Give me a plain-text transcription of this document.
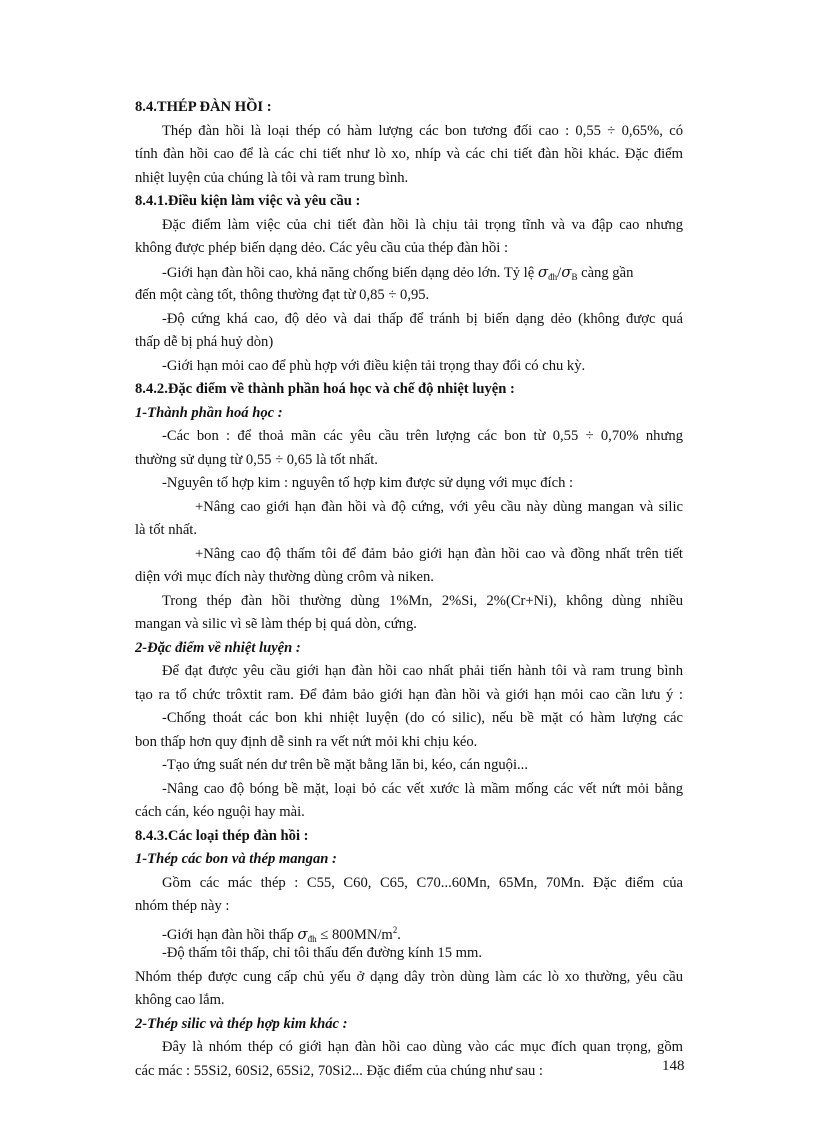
8.4.THÉP ĐÀN HỒI :
Thép đàn hồi là loại thép có hàm lượng các bon tương đối cao : 0,55 ÷ 0,65%, có
tính đàn hồi cao để là các chi tiết như lò xo, nhíp và các chi tiết đàn hồi khác. Đặc điểm
nhiệt luyện của chúng là tôi và ram trung bình.
8.4.1.Điều kiện làm việc và yêu cầu :
Đặc điểm làm việc của chi tiết đàn hồi là chịu tải trọng tĩnh và va đập cao nhưng
không được phép biến dạng dẻo. Các yêu cầu của thép đàn hồi :
-Giới hạn đàn hồi cao, khả năng chống biến dạng dẻo lớn. Tỷ lệ $\sigma_{đh}/\sigma_B$ càng gần
đến một càng tốt, thông thường đạt từ 0,85 ÷ 0,95.
-Độ cứng khá cao, độ dẻo và dai thấp để tránh bị biến dạng dẻo (không được quá
thấp dễ bị phá huỷ dòn)
-Giới hạn mỏi cao để phù hợp với điều kiện tải trọng thay đổi có chu kỳ.
8.4.2.Đặc điểm về thành phần hoá học và chế độ nhiệt luyện :
1-Thành phần hoá học :
-Các bon : để thoả mãn các yêu cầu trên lượng các bon từ 0,55 ÷ 0,70% nhưng
thường sử dụng từ 0,55 ÷ 0,65 là tốt nhất.
-Nguyên tố hợp kim : nguyên tố hợp kim được sử dụng với mục đích :
+Nâng cao giới hạn đàn hồi và độ cứng, với yêu cầu này dùng mangan và silic
là tốt nhất.
+Nâng cao độ thấm tôi để đảm bảo giới hạn đàn hồi cao và đồng nhất trên tiết
diện với mục đích này thường dùng crôm và niken.
Trong thép đàn hồi thường dùng 1%Mn, 2%Si, 2%(Cr+Ni), không dùng nhiều
mangan và silic vì sẽ làm thép bị quá dòn, cứng.
2-Đặc điểm về nhiệt luyện :
Để đạt được yêu cầu giới hạn đàn hồi cao nhất phải tiến hành tôi và ram trung bình
tạo ra tổ chức trôxtit ram. Để đảm bảo giới hạn đàn hồi và giới hạn mỏi cao cần lưu ý :
-Chống thoát các bon khi nhiệt luyện (do có silic), nếu bề mặt có hàm lượng các
bon thấp hơn quy định dễ sinh ra vết nứt mỏi khi chịu kéo.
-Tạo ứng suất nén dư trên bề mặt bằng lăn bi, kéo, cán nguội...
-Nâng cao độ bóng bề mặt, loại bỏ các vết xước là mầm mống các vết nứt mỏi bằng
cách cán, kéo nguội hay mài.
8.4.3.Các loại thép đàn hồi :
1-Thép các bon và thép mangan :
Gồm các mác thép : C55, C60, C65, C70...60Mn, 65Mn, 70Mn. Đặc điểm của
nhóm thép này :
-Giới hạn đàn hồi thấp $\sigma_{đh} \le 800MN/m^2$.
-Độ thấm tôi thấp, chỉ tôi thấu đến đường kính 15 mm.
Nhóm thép được cung cấp chủ yếu ở dạng dây tròn dùng làm các lò xo thường, yêu cầu
không cao lắm.
2-Thép silic và thép hợp kim khác :
Đây là nhóm thép có giới hạn đàn hồi cao dùng vào các mục đích quan trọng, gồm
các mác : 55Si2, 60Si2, 65Si2, 70Si2... Đặc điểm của chúng như sau :	148
